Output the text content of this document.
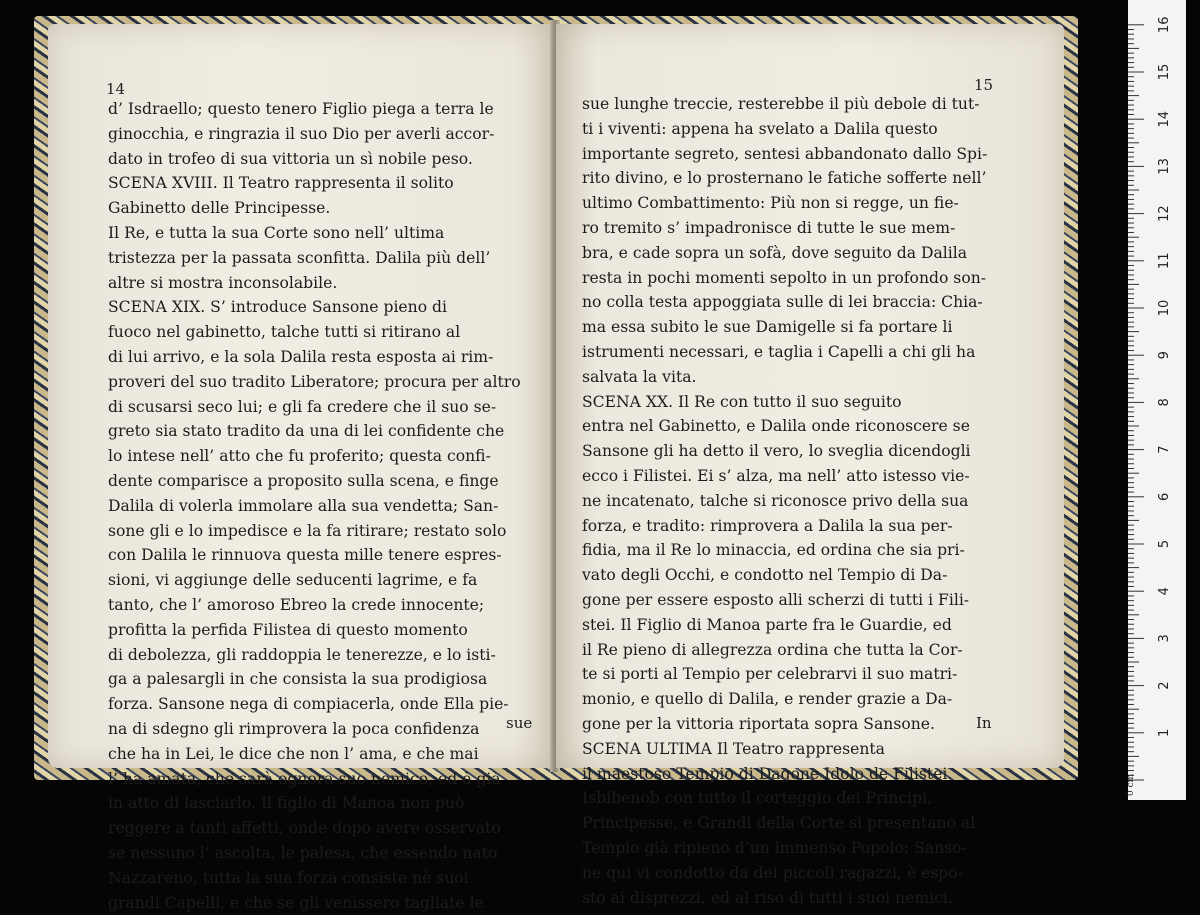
14
d’ Isdraello; questo tenero Figlio piega a terra le
ginocchia, e ringrazia il suo Dio per averli accor-
dato in trofeo di sua vittoria un sì nobile peso.
SCENA XVIII. Il Teatro rappresenta il solito
Gabinetto delle Principesse.
Il Re, e tutta la sua Corte sono nell’ ultima
tristezza per la passata sconfitta. Dalila più dell’
altre si mostra inconsolabile.
SCENA XIX. S’ introduce Sansone pieno di
fuoco nel gabinetto, talche tutti si ritirano al
di lui arrivo, e la sola Dalila resta esposta ai rim-
proveri del suo tradito Liberatore; procura per altro
di scusarsi seco lui; e gli fa credere che il suo se-
greto sia stato tradito da una di lei confidente che
lo intese nell’ atto che fu proferito; questa confi-
dente comparisce a proposito sulla scena, e finge
Dalila di volerla immolare alla sua vendetta; San-
sone gli e lo impedisce e la fa ritirare; restato solo
con Dalila le rinnuova questa mille tenere espres-
sioni, vi aggiunge delle seducenti lagrime, e fa
tanto, che l’ amoroso Ebreo la crede innocente;
profitta la perfida Filistea di questo momento
di debolezza, gli raddoppia le tenerezze, e lo isti-
ga a palesargli in che consista la sua prodigiosa
forza. Sansone nega di compiacerla, onde Ella pie-
na di sdegno gli rimprovera la poca confidenza
che ha in Lei, le dice che non l’ ama, e che mai
l’ ha amata, che sarà ognora suo nemico, ed è già
in atto di lasciarlo. Il figlio di Manoa non può
reggere a tanti affetti, onde dopo avere osservato
se nessuno l’ ascolta, le palesa, che essendo nato
Nazzareno, tutta la sua forza consiste nè suoi
grandi Capelli, e che se gli venissero tagliate le
sue
15
sue lunghe treccie, resterebbe il più debole di tut-
ti i viventi: appena ha svelato a Dalila questo
importante segreto, sentesi abbandonato dallo Spi-
rito divino, e lo prosternano le fatiche sofferte nell’
ultimo Combattimento: Più non si regge, un fie-
ro tremito s’ impadronisce di tutte le sue mem-
bra, e cade sopra un sofà, dove seguito da Dalila
resta in pochi momenti sepolto in un profondo son-
no colla testa appoggiata sulle di lei braccia: Chia-
ma essa subito le sue Damigelle si fa portare li
istrumenti necessari, e taglia i Capelli a chi gli ha
salvata la vita.
SCENA XX. Il Re con tutto il suo seguito
entra nel Gabinetto, e Dalila onde riconoscere se
Sansone gli ha detto il vero, lo sveglia dicendogli
ecco i Filistei. Ei s’ alza, ma nell’ atto istesso vie-
ne incatenato, talche si riconosce privo della sua
forza, e tradito: rimprovera a Dalila la sua per-
fidia, ma il Re lo minaccia, ed ordina che sia pri-
vato degli Occhi, e condotto nel Tempio di Da-
gone per essere esposto alli scherzi di tutti i Fili-
stei. Il Figlio di Manoa parte fra le Guardie, ed
il Re pieno di allegrezza ordina che tutta la Cor-
te si porti al Tempio per celebrarvi il suo matri-
monio, e quello di Dalila, e render grazie a Da-
gone per la vittoria riportata sopra Sansone.
SCENA ULTIMA Il Teatro rappresenta
il maestoso Tempio di Dagone Idolo de Filistei.
Isbibenob con tutto il corteggio dei Principi,
Principesse, e Grandi della Corte si presentano al
Tempio già ripieno d’un immenso Popolo: Sanso-
ne qui vi condotto da dei piccoli ragazzi, è espo-
sto ai disprezzi, ed al riso di tutti i suoi nemici.
In
1
2
3
4
5
6
7
8
9
10
11
12
13
14
15
16
0 cm
